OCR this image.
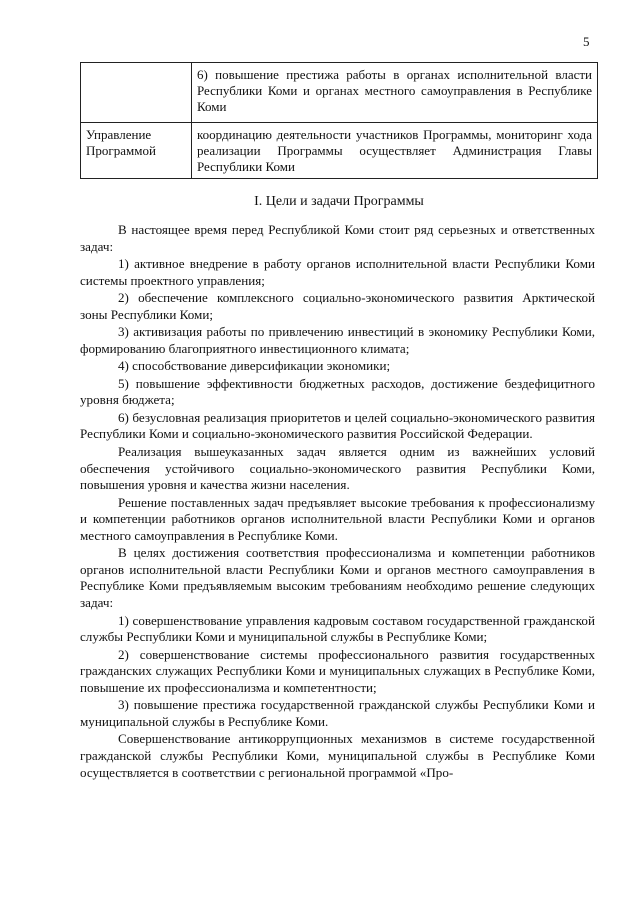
5
	6) повышение престижа работы в органах исполнительной власти Республики Коми и органах местного самоуправления в Республике Коми
Управление Программой	координацию деятельности участников Программы, мониторинг хода реализации Программы осуществляет Администрация Главы Республики Коми
I. Цели и задачи Программы

В настоящее время перед Республикой Коми стоит ряд серьезных и ответственных задач:

1) активное внедрение в работу органов исполнительной власти Республики Коми системы проектного управления;

2) обеспечение комплексного социально-экономического развития Арктической зоны Республики Коми;

3) активизация работы по привлечению инвестиций в экономику Республики Коми, формированию благоприятного инвестиционного климата;

4) способствование диверсификации экономики;

5) повышение эффективности бюджетных расходов, достижение бездефицитного уровня бюджета;

6) безусловная реализация приоритетов и целей социально-экономического развития Республики Коми и социально-экономического развития Российской Федерации.

Реализация вышеуказанных задач является одним из важнейших условий обеспечения устойчивого социально-экономического развития Республики Коми, повышения уровня и качества жизни населения.

Решение поставленных задач предъявляет высокие требования к профессионализму и компетенции работников органов исполнительной власти Республики Коми и органов местного самоуправления в Республике Коми.

В целях достижения соответствия профессионализма и компетенции работников органов исполнительной власти Республики Коми и органов местного самоуправления в Республике Коми предъявляемым высоким требованиям необходимо решение следующих задач:

1) совершенствование управления кадровым составом государственной гражданской службы Республики Коми и муниципальной службы в Республике Коми;

2) совершенствование системы профессионального развития государственных гражданских служащих Республики Коми и муниципальных служащих в Республике Коми, повышение их профессионализма и компетентности;

3) повышение престижа государственной гражданской службы Республики Коми и муниципальной службы в Республике Коми.

Совершенствование антикоррупционных механизмов в системе государственной гражданской службы Республики Коми, муниципальной службы в Республике Коми осуществляется в соответствии с региональной программой «Про-
